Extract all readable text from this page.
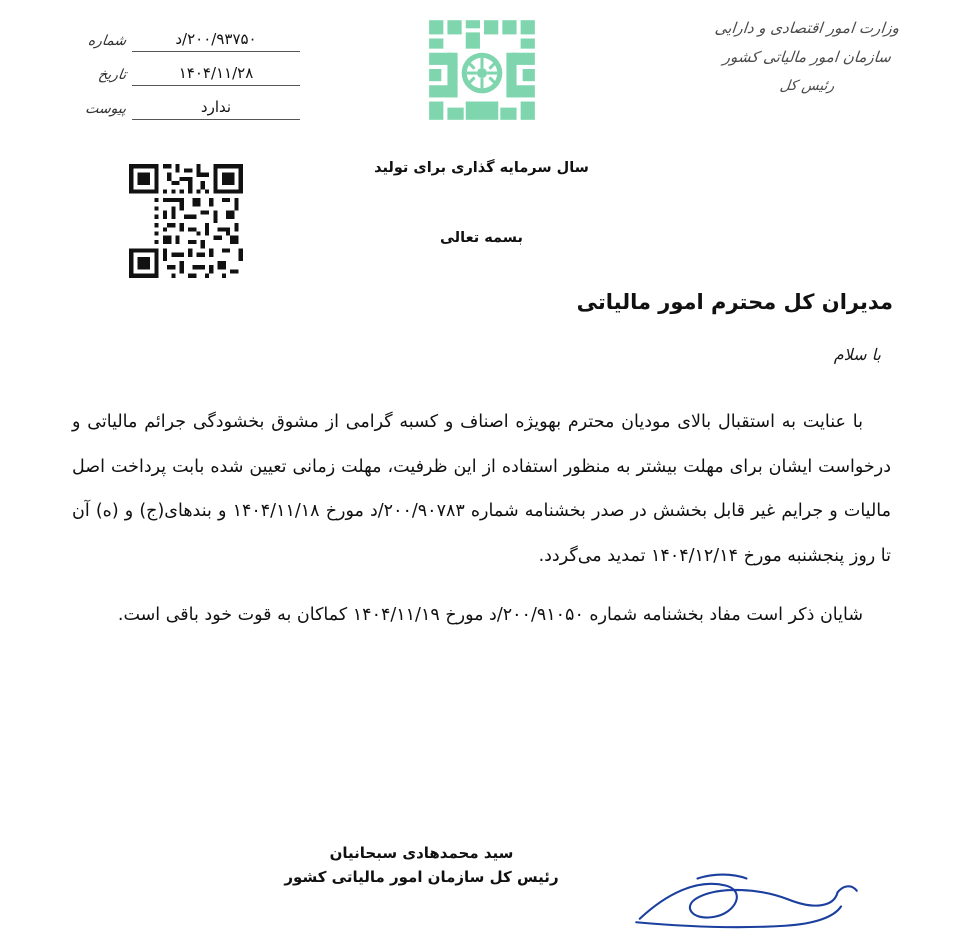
وزارت امور اقتصادی و دارایی
سازمان امور مالیاتی کشور
رئیس کل
شماره	۲۰۰/۹۳۷۵۰/د
تاریخ	۱۴۰۴/۱۱/۲۸
پیوست	ندارد
سال سرمایه گذاری برای تولید
بسمه تعالی
مدیران کل محترم امور مالیاتی
با سلام

با عنایت به استقبال بالای مودیان محترم بهویژه اصناف و کسبه گرامی از مشوق بخشودگی جرائم مالیاتی و درخواست ایشان برای مهلت بیشتر به منظور استفاده از این ظرفیت، مهلت زمانی تعیین شده بابت پرداخت اصل مالیات و جرایم غیر قابل بخشش در صدر بخشنامه شماره ۲۰۰/۹۰۷۸۳/د مورخ ۱۴۰۴/۱۱/۱۸ و بندهای(ج) و (ه) آن تا روز پنجشنبه مورخ ۱۴۰۴/۱۲/۱۴ تمدید می‌گردد.

شایان ذکر است مفاد بخشنامه شماره ۲۰۰/۹۱۰۵۰/د مورخ ۱۴۰۴/۱۱/۱۹ کماکان به قوت خود باقی است.

سید محمدهادی سبحانیان
رئیس کل سازمان امور مالیاتی کشور
